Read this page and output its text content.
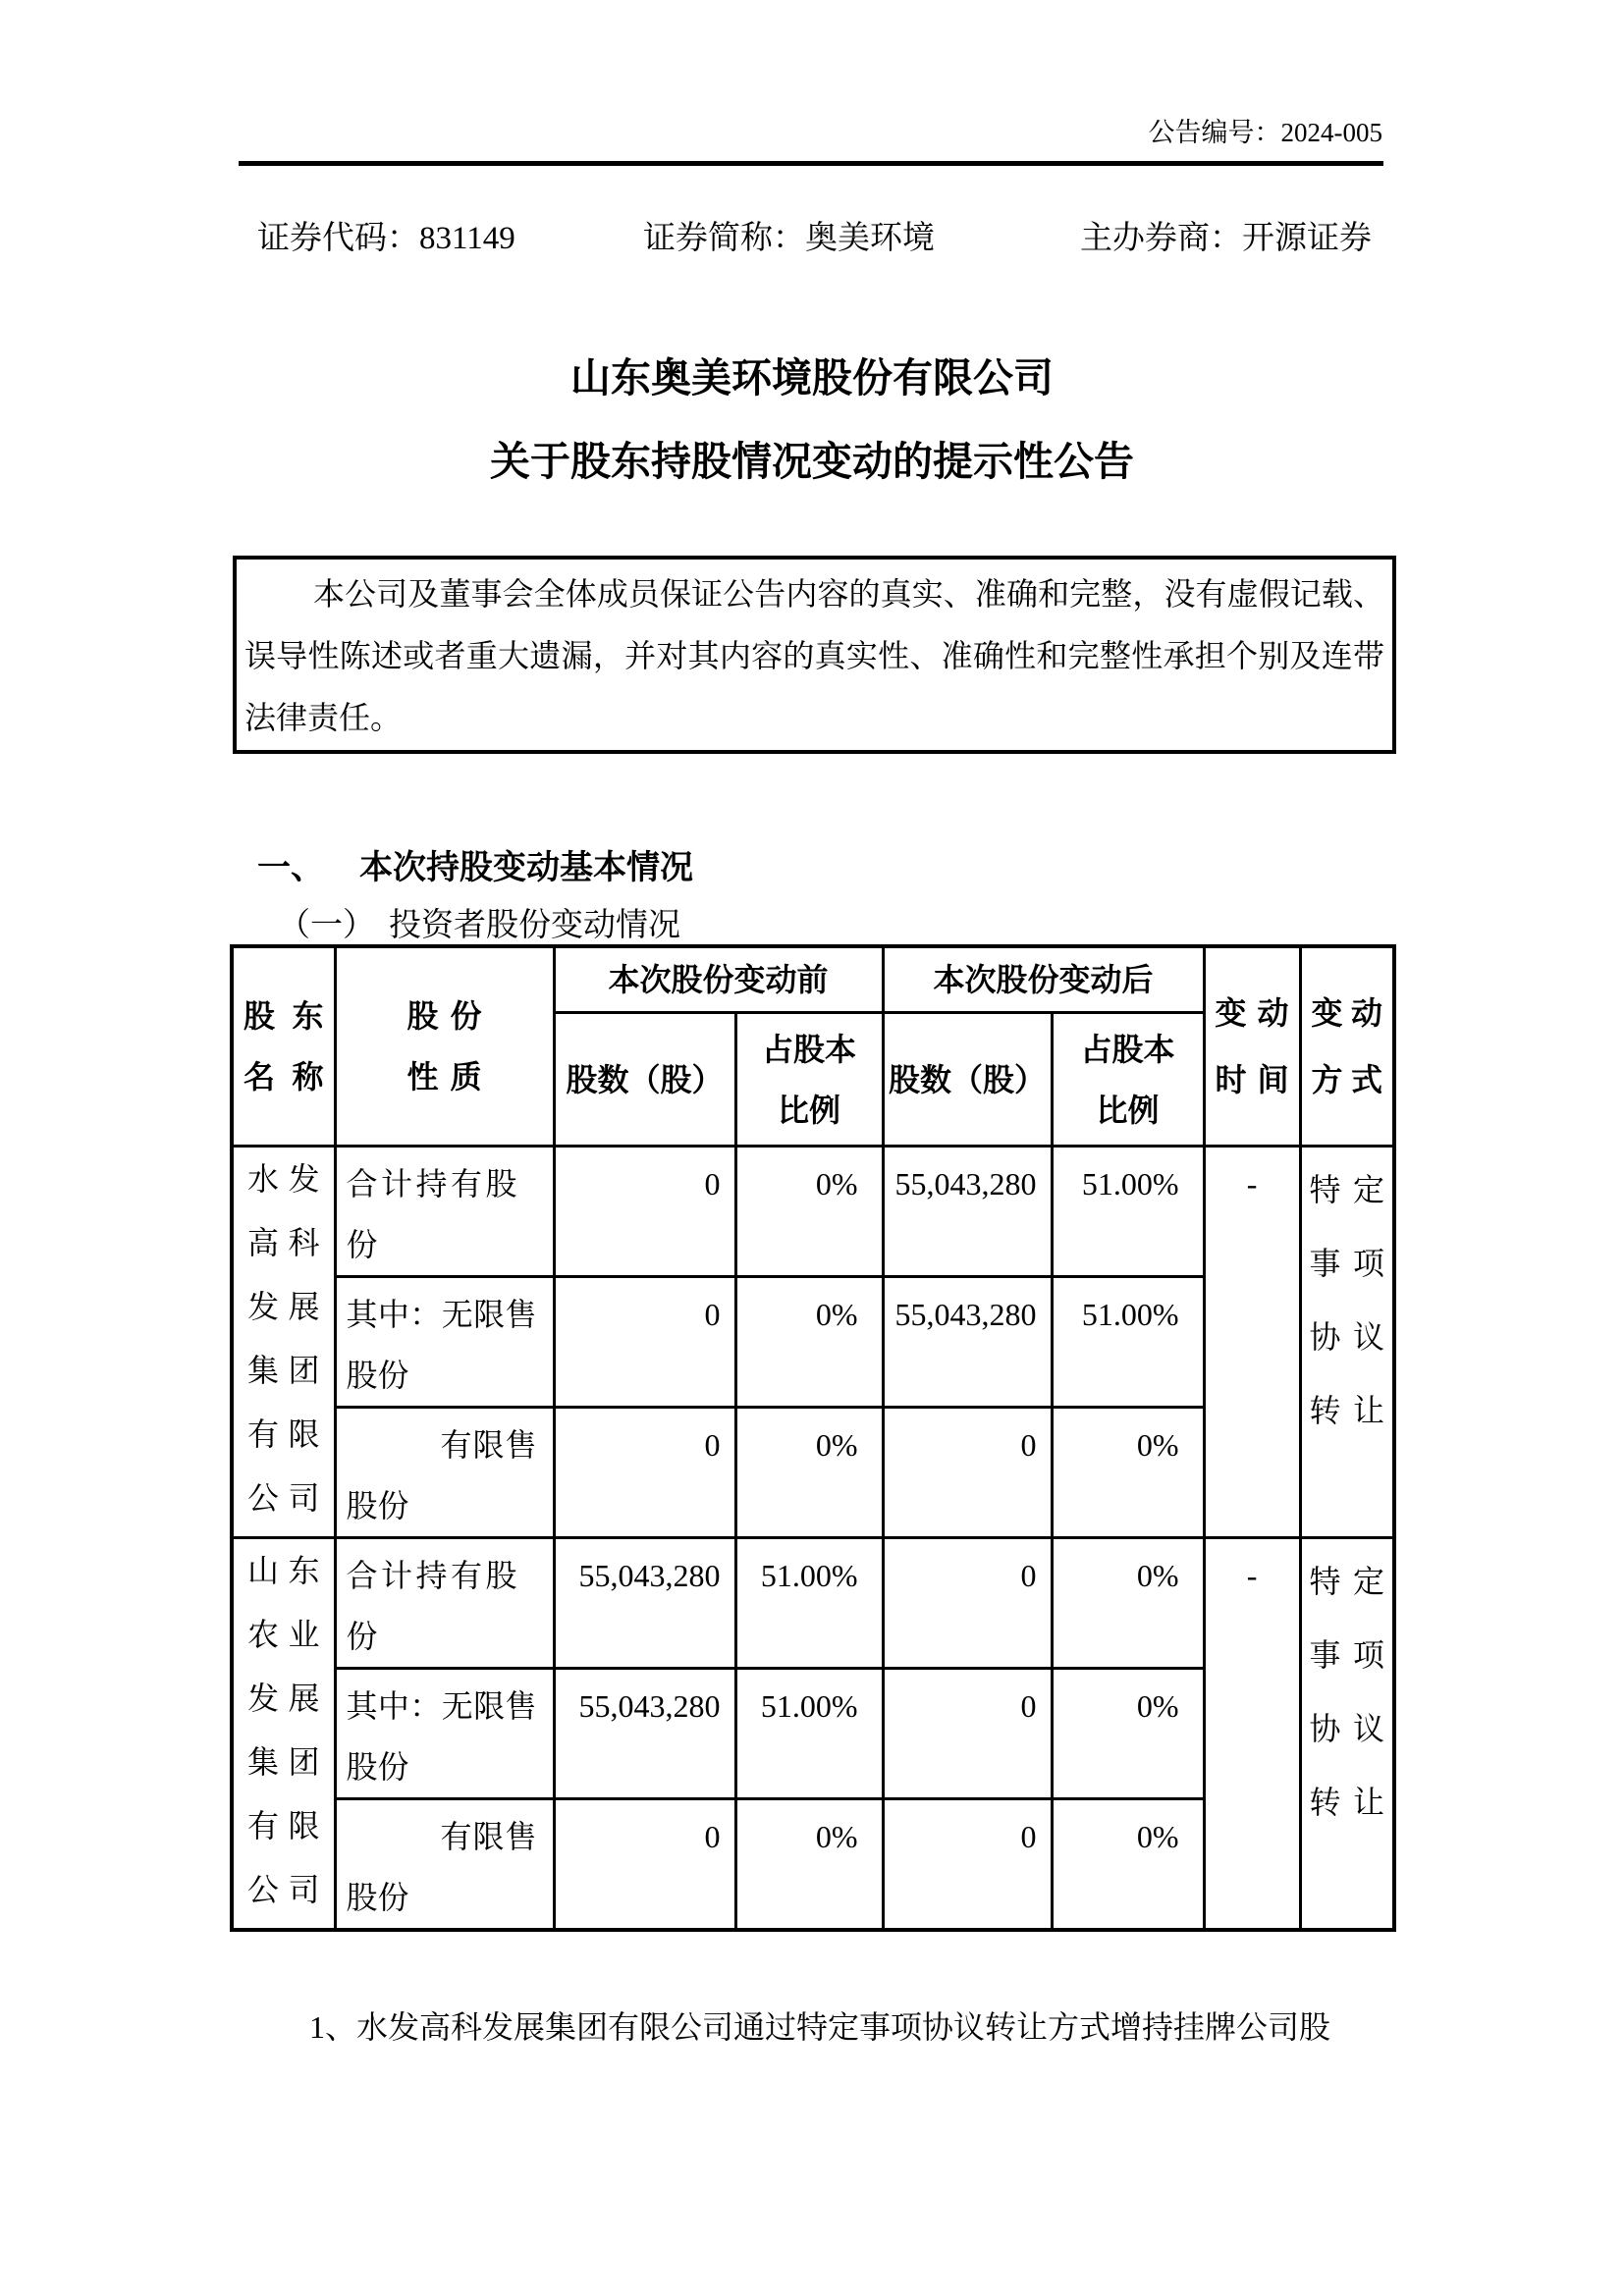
公告编号：2024-005
证券代码：831149	证券简称：奥美环境	主办券商：开源证券
山东奥美环境股份有限公司
关于股东持股情况变动的提示性公告
本公司及董事会全体成员保证公告内容的真实、准确和完整，没有虚假记载、误导性陈述或者重大遗漏，并对其内容的真实性、准确性和完整性承担个别及连带法律责任。
一、 本次持股变动基本情况
（一） 投资者股份变动情况
股东名称	股份性质	本次股份变动前		本次股份变动后		变动时间	变动方式
		股数（股）	占股本比例	股数（股）	占股本比例		
水发高科发展集团有限公司	合计持有股份	0	0%	55,043,280	51.00%	-	特定事项协议转让
	其中：无限售股份	0	0%	55,043,280	51.00%		
	有限售股份	0	0%	0	0%		
山东农业发展集团有限公司	合计持有股份	55,043,280	51.00%	0	0%	-	特定事项协议转让
	其中：无限售股份	55,043,280	51.00%	0	0%		
	有限售股份	0	0%	0	0%		
1、水发高科发展集团有限公司通过特定事项协议转让方式增持挂牌公司股
